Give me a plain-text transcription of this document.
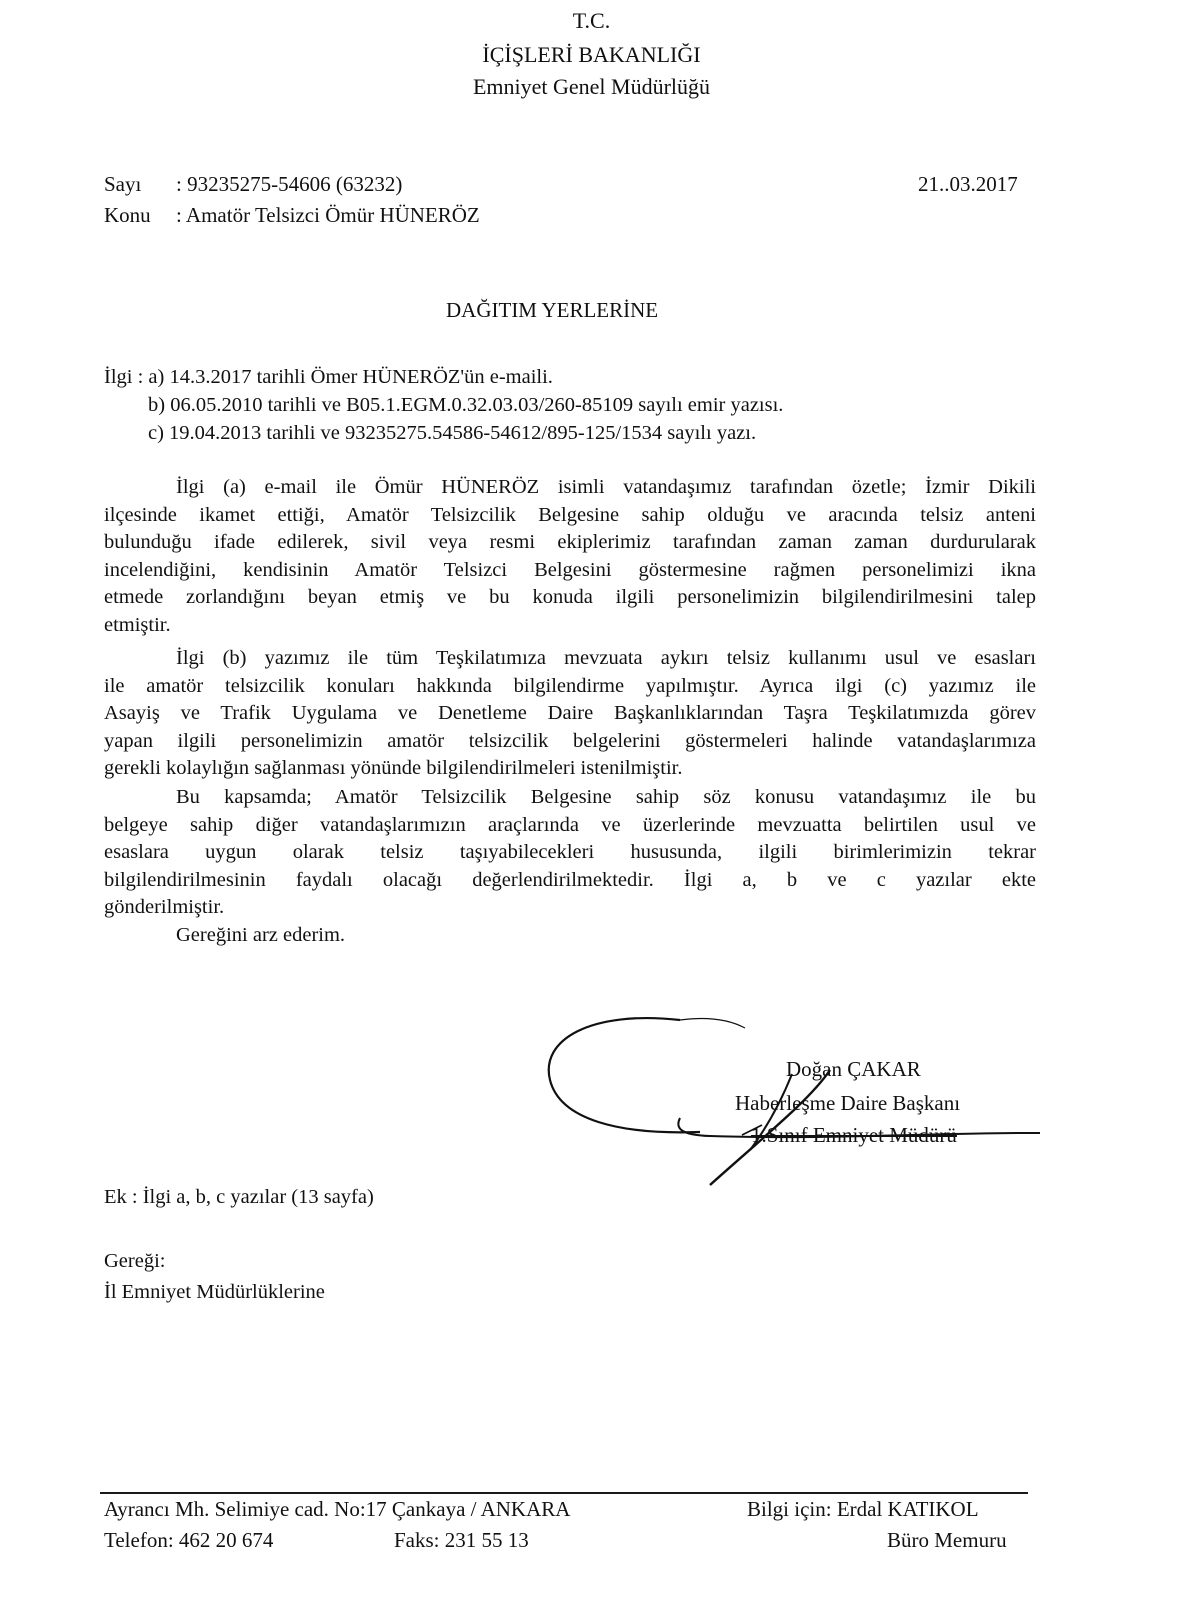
T.C.
İÇİŞLERİ BAKANLIĞI
Emniyet Genel Müdürlüğü
Sayı : 93235275-54606 (63232)
Konu : Amatör Telsizci Ömür HÜNERÖZ
21..03.2017
DAĞITIM YERLERİNE
İlgi : a) 14.3.2017 tarihli Ömer HÜNERÖZ'ün e-maili.
b) 06.05.2010 tarihli ve B05.1.EGM.0.32.03.03/260-85109 sayılı emir yazısı.
c) 19.04.2013 tarihli ve 93235275.54586-54612/895-125/1534 sayılı yazı.
İlgi (a) e-mail ile Ömür HÜNERÖZ isimli vatandaşımız tarafından özetle; İzmir Dikili
ilçesinde ikamet ettiği, Amatör Telsizcilik Belgesine sahip olduğu ve aracında telsiz anteni
bulunduğu ifade edilerek, sivil veya resmi ekiplerimiz tarafından zaman zaman durdurularak
incelendiğini, kendisinin Amatör Telsizci Belgesini göstermesine rağmen personelimizi ikna
etmede zorlandığını beyan etmiş ve bu konuda ilgili personelimizin bilgilendirilmesini talep
etmiştir.
İlgi (b) yazımız ile tüm Teşkilatımıza mevzuata aykırı telsiz kullanımı usul ve esasları
ile amatör telsizcilik konuları hakkında bilgilendirme yapılmıştır. Ayrıca ilgi (c) yazımız ile
Asayiş ve Trafik Uygulama ve Denetleme Daire Başkanlıklarından Taşra Teşkilatımızda görev
yapan ilgili personelimizin amatör telsizcilik belgelerini göstermeleri halinde vatandaşlarımıza
gerekli kolaylığın sağlanması yönünde bilgilendirilmeleri istenilmiştir.
Bu kapsamda; Amatör Telsizcilik Belgesine sahip söz konusu vatandaşımız ile bu
belgeye sahip diğer vatandaşlarımızın araçlarında ve üzerlerinde mevzuatta belirtilen usul ve
esaslara uygun olarak telsiz taşıyabilecekleri hususunda, ilgili birimlerimizin tekrar
bilgilendirilmesinin faydalı olacağı değerlendirilmektedir. İlgi a, b ve c yazılar ekte
gönderilmiştir.
Gereğini arz ederim.
Doğan ÇAKAR
Haberleşme Daire Başkanı
1.Sınıf Emniyet Müdürü
Ek : İlgi a, b, c yazılar (13 sayfa)
Gereği:
İl Emniyet Müdürlüklerine
Ayrancı Mh. Selimiye cad. No:17 Çankaya / ANKARA
Telefon: 462 20 674	Faks: 231 55 13
Bilgi için: Erdal KATIKOL
Büro Memuru
